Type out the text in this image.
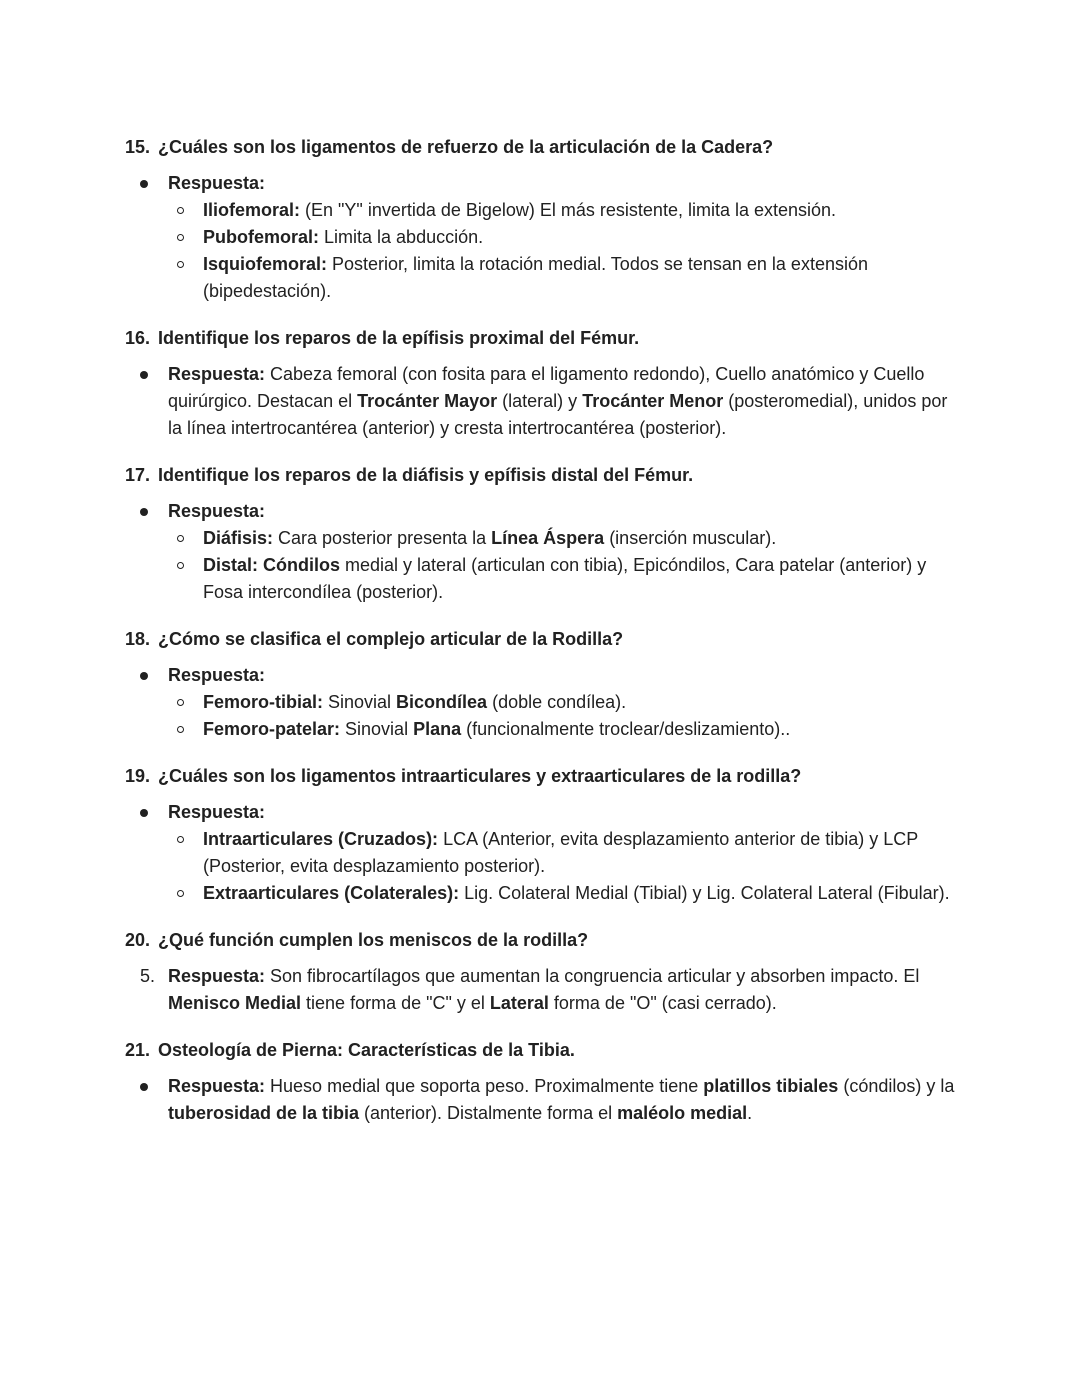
15. ¿Cuáles son los ligamentos de refuerzo de la articulación de la Cadera?
Respuesta:
Iliofemoral: (En "Y" invertida de Bigelow) El más resistente, limita la extensión.
Pubofemoral: Limita la abducción.
Isquiofemoral: Posterior, limita la rotación medial. Todos se tensan en la extensión (bipedestación).
16. Identifique los reparos de la epífisis proximal del Fémur.
Respuesta: Cabeza femoral (con fosita para el ligamento redondo), Cuello anatómico y Cuello quirúrgico. Destacan el Trocánter Mayor (lateral) y Trocánter Menor (posteromedial), unidos por la línea intertrocantérea (anterior) y cresta intertrocantérea (posterior).
17. Identifique los reparos de la diáfisis y epífisis distal del Fémur.
Respuesta:
Diáfisis: Cara posterior presenta la Línea Áspera (inserción muscular).
Distal: Cóndilos medial y lateral (articulan con tibia), Epicóndilos, Cara patelar (anterior) y Fosa intercondílea (posterior).
18. ¿Cómo se clasifica el complejo articular de la Rodilla?
Respuesta:
Femoro-tibial: Sinovial Bicondílea (doble condílea).
Femoro-patelar: Sinovial Plana (funcionalmente troclear/deslizamiento)..
19. ¿Cuáles son los ligamentos intraarticulares y extraarticulares de la rodilla?
Respuesta:
Intraarticulares (Cruzados): LCA (Anterior, evita desplazamiento anterior de tibia) y LCP (Posterior, evita desplazamiento posterior).
Extraarticulares (Colaterales): Lig. Colateral Medial (Tibial) y Lig. Colateral Lateral (Fibular).
20. ¿Qué función cumplen los meniscos de la rodilla?
5. Respuesta: Son fibrocartílagos que aumentan la congruencia articular y absorben impacto. El Menisco Medial tiene forma de "C" y el Lateral forma de "O" (casi cerrado).
21. Osteología de Pierna: Características de la Tibia.
Respuesta: Hueso medial que soporta peso. Proximalmente tiene platillos tibiales (cóndilos) y la tuberosidad de la tibia (anterior). Distalmente forma el maléolo medial.
